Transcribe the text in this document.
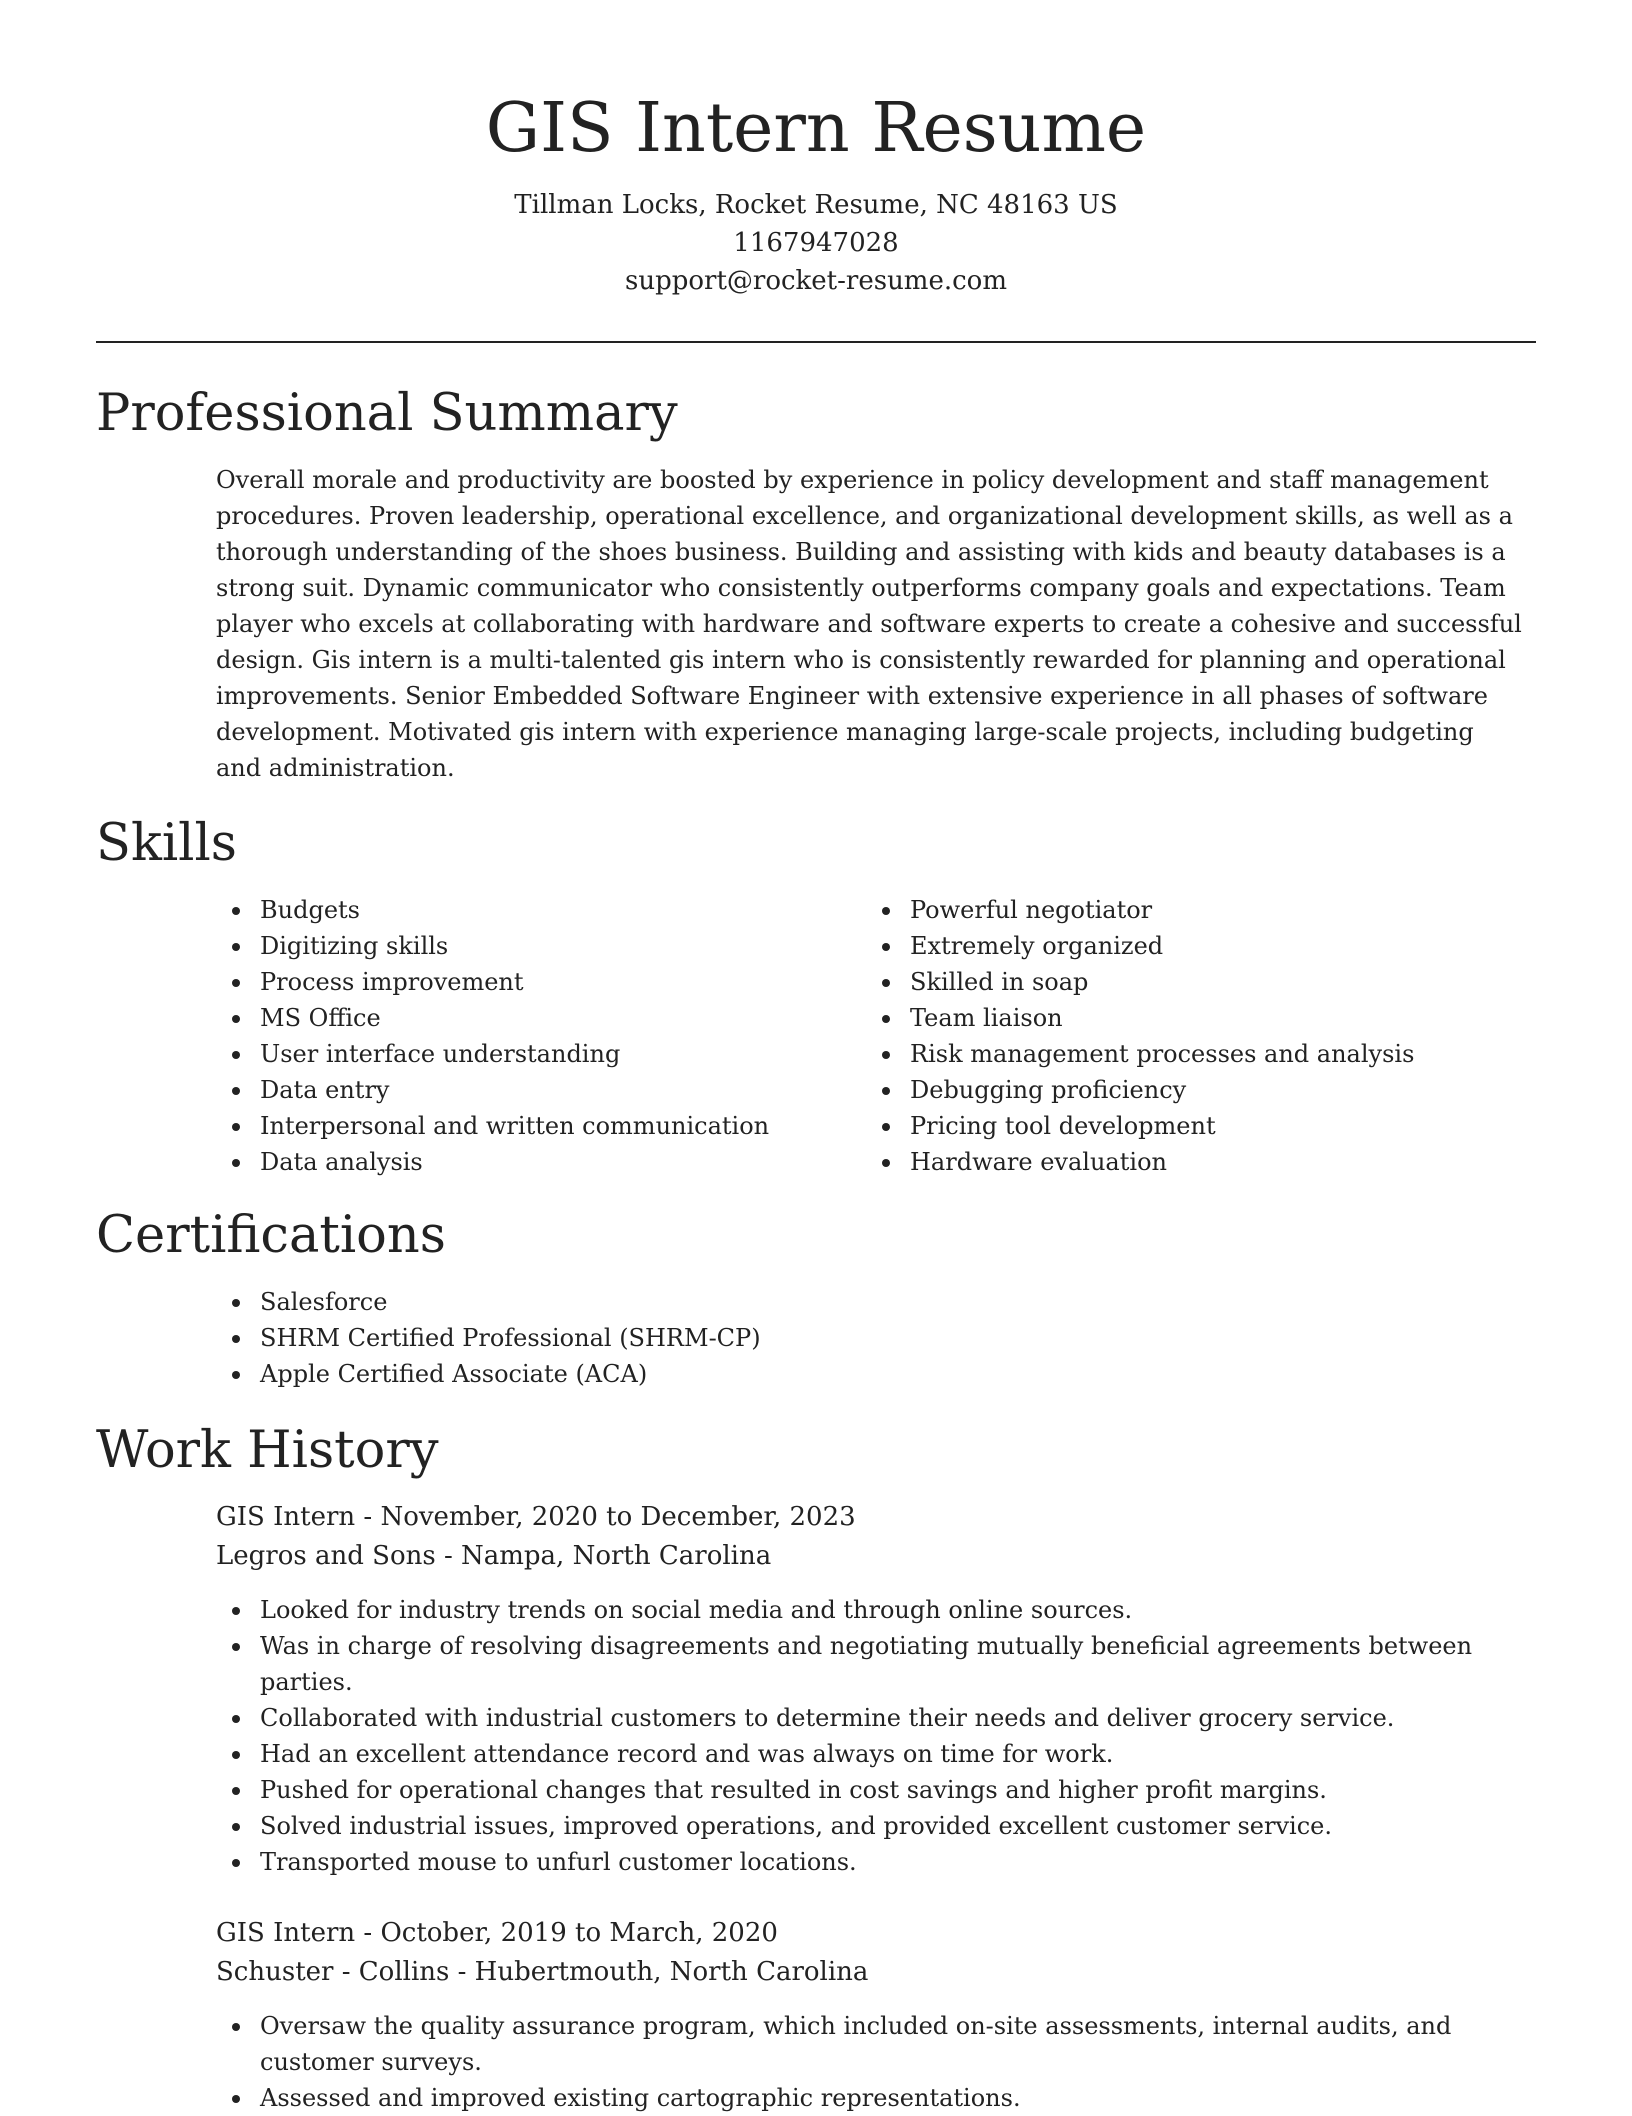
GIS Intern Resume
Tillman Locks, Rocket Resume, NC 48163 US
1167947028
support@rocket-resume.com
Professional Summary

Overall morale and productivity are boosted by experience in policy development and staff management procedures. Proven leadership, operational excellence, and organizational development skills, as well as a thorough understanding of the shoes business. Building and assisting with kids and beauty databases is a strong suit. Dynamic communicator who consistently outperforms company goals and expectations. Team player who excels at collaborating with hardware and software experts to create a cohesive and successful design. Gis intern is a multi-talented gis intern who is consistently rewarded for planning and operational improvements. Senior Embedded Software Engineer with extensive experience in all phases of software development. Motivated gis intern with experience managing large-scale projects, including budgeting and administration.

Skills
Budgets
Digitizing skills
Process improvement
MS Office
User interface understanding
Data entry
Interpersonal and written communication
Data analysis
Powerful negotiator
Extremely organized
Skilled in soap
Team liaison
Risk management processes and analysis
Debugging proficiency
Pricing tool development
Hardware evaluation
Certifications
Salesforce
SHRM Certified Professional (SHRM-CP)
Apple Certified Associate (ACA)
Work History
GIS Intern - November, 2020 to December, 2023
Legros and Sons - Nampa, North Carolina
Looked for industry trends on social media and through online sources.
Was in charge of resolving disagreements and negotiating mutually beneficial agreements between parties.
Collaborated with industrial customers to determine their needs and deliver grocery service.
Had an excellent attendance record and was always on time for work.
Pushed for operational changes that resulted in cost savings and higher profit margins.
Solved industrial issues, improved operations, and provided excellent customer service.
Transported mouse to unfurl customer locations.
GIS Intern - October, 2019 to March, 2020
Schuster - Collins - Hubertmouth, North Carolina
Oversaw the quality assurance program, which included on-site assessments, internal audits, and customer surveys.
Assessed and improved existing cartographic representations.
